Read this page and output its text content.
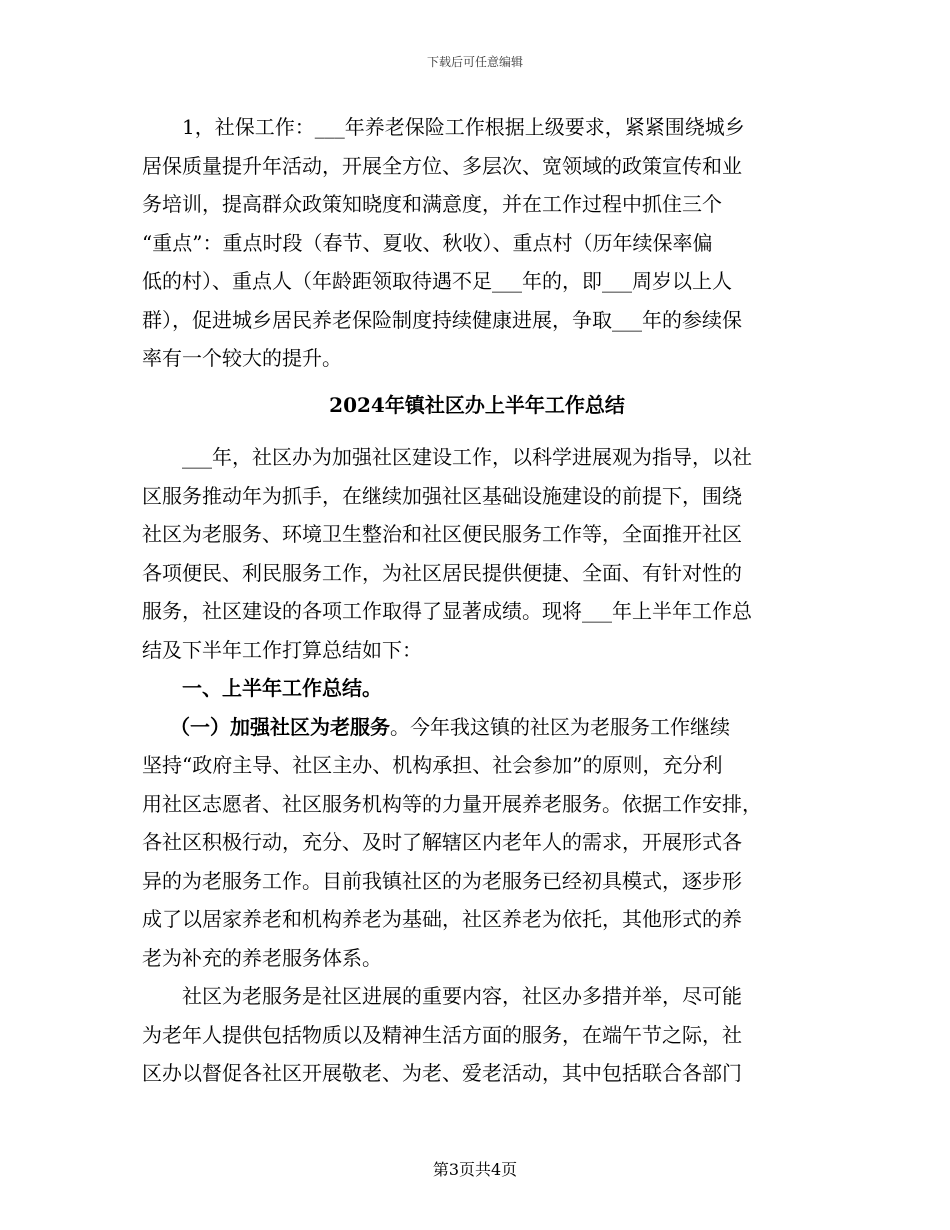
下载后可任意编辑
1，社保工作：___年养老保险工作根据上级要求，紧紧围绕城乡
居保质量提升年活动，开展全方位、多层次、宽领域的政策宣传和业
务培训，提高群众政策知晓度和满意度，并在工作过程中抓住三个
“重点”：重点时段（春节、夏收、秋收）、重点村（历年续保率偏
低的村）、重点人（年龄距领取待遇不足___年的，即___周岁以上人
群），促进城乡居民养老保险制度持续健康进展，争取___年的参续保
率有一个较大的提升。
2024年镇社区办上半年工作总结
___年，社区办为加强社区建设工作，以科学进展观为指导，以社
区服务推动年为抓手，在继续加强社区基础设施建设的前提下，围绕
社区为老服务、环境卫生整治和社区便民服务工作等，全面推开社区
各项便民、利民服务工作，为社区居民提供便捷、全面、有针对性的
服务，社区建设的各项工作取得了显著成绩。现将___年上半年工作总
结及下半年工作打算总结如下：
一、上半年工作总结。
（一）加强社区为老服务。今年我这镇的社区为老服务工作继续
坚持“政府主导、社区主办、机构承担、社会参加”的原则，充分利
用社区志愿者、社区服务机构等的力量开展养老服务。依据工作安排，
各社区积极行动，充分、及时了解辖区内老年人的需求，开展形式各
异的为老服务工作。目前我镇社区的为老服务已经初具模式，逐步形
成了以居家养老和机构养老为基础，社区养老为依托，其他形式的养
老为补充的养老服务体系。
社区为老服务是社区进展的重要内容，社区办多措并举，尽可能
为老年人提供包括物质以及精神生活方面的服务，在端午节之际，社
区办以督促各社区开展敬老、为老、爱老活动，其中包括联合各部门
第3页共4页
